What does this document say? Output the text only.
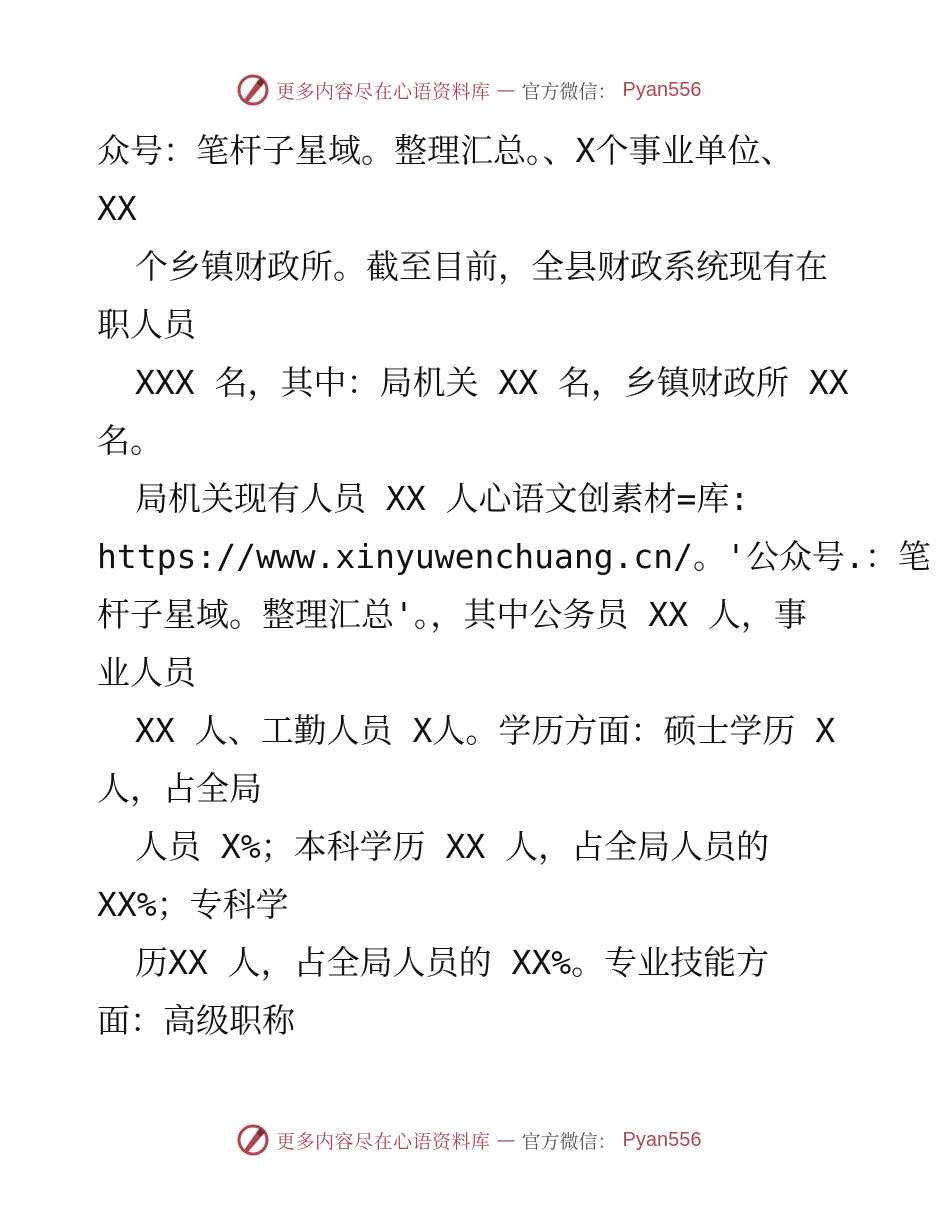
更多内容尽在心语资料库 — 官方微信： Pyan556
众号：笔杆子星域。整理汇总。、X个事业单位、
XX
个乡镇财政所。截至目前，全县财政系统现有在
职人员
XXX 名，其中：局机关 XX 名，乡镇财政所 XX
名。
局机关现有人员 XX 人心语文创素材=库:
https://www.xinyuwenchuang.cn/。'公众号.：笔
杆子星域。整理汇总'。，其中公务员 XX 人，事
业人员
XX 人、工勤人员 X人。学历方面：硕士学历 X
人，占全局
人员 X%；本科学历 XX 人，占全局人员的
XX%；专科学
历XX 人，占全局人员的 XX%。专业技能方
面：高级职称
更多内容尽在心语资料库 — 官方微信： Pyan556
